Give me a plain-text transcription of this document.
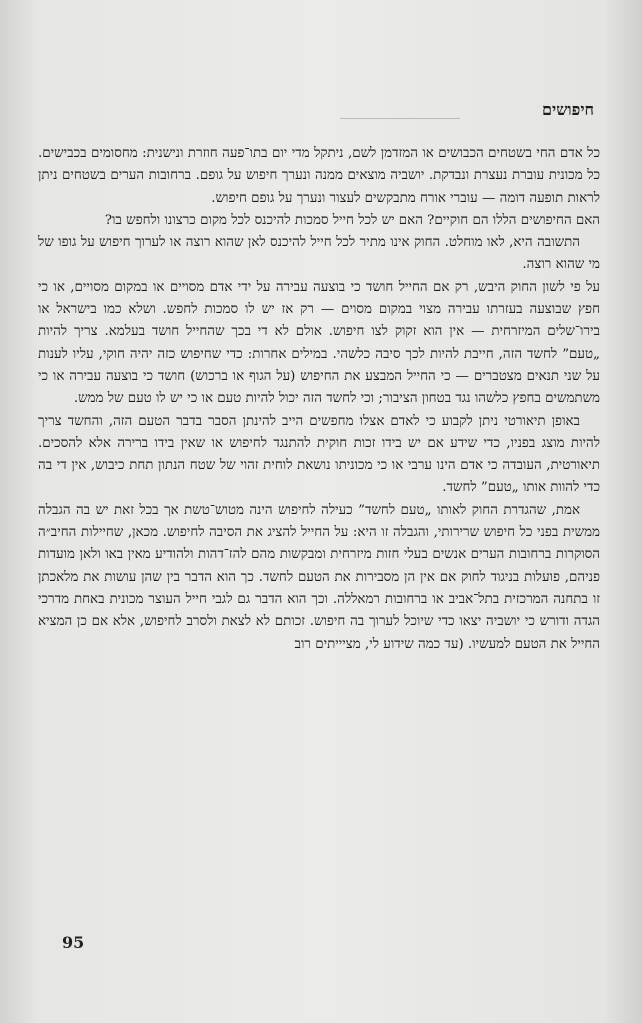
חיפושים

כל אדם החי בשטחים הכבושים או המזדמן לשם, ניתקל מדי יום בתו־פעה חוזרת ונישנית: מחסומים בכבישים. כל מכונית עוברת נעצרת ונבדקת. יושביה מוצאים ממנה ונערך חיפוש על גופם. ברחובות הערים בשטחים ניתן לראות תופעה דומה — עוברי אורח מתבקשים לעצור ונערך על גופם חיפוש.

האם החיפושים הללו הם חוקיים? האם יש לכל חייל סמכות להיכנס לכל מקום כרצונו ולחפש בו?

התשובה היא, לאו מוחלט. החוק אינו מתיר לכל חייל להיכנס לאן שהוא רוצה או לערוך חיפוש על גופו של מי שהוא רוצה.

על פי לשון החוק היבש, רק אם החייל חושד כי בוצעה עבירה על ידי אדם מסויים או במקום מסויים, או כי חפץ שבוצעה בעזרתו עבירה מצוי במקום מסוים — רק אז יש לו סמכות לחפש. ושלא כמו בישראל או בירו־שלים המיזרחית — אין הוא זקוק לצו חיפוש. אולם לא די בכך שהחייל חושד בעלמא. צריך להיות „טעם” לחשד הזה, חייבת להיות לכך סיבה כלשהי. במילים אחרות: כדי שחיפוש כזה יהיה חוקי, עליו לענות על שני תנאים מצטברים — כי החייל המבצע את החיפוש (על הגוף או ברכוש) חושד כי בוצעה עבירה או כי משתמשים בחפץ כלשהו נגד בטחון הציבור; וכי לחשד הזה יכול להיות טעם או כי יש לו טעם של ממש.

באופן תיאורטי ניתן לקבוע כי לאדם אצלו מחפשים הייב להינתן הסבר בדבר הטעם הזה, והחשד צריך להיות מוצג בפניו, כדי שידע אם יש בידו זכות חוקית להתנגד לחיפוש או שאין בידו ברירה אלא להסכים. תיאורטית, העובדה כי אדם הינו ערבי או כי מכוניתו נושאת לוחית זהוי של שטח הנתון תחת כיבוש, אין די בה כדי להוות אותו „טעם” לחשד.

אמת, שהגדרת החוק לאותו „טעם לחשד” כעילה לחיפוש הינה מטוש־טשת אך בכל זאת יש בה הגבלה ממשית בפני כל חיפוש שרירותי, והגבלה זו היא: על החייל להציג את הסיבה לחיפוש. מכאן, שחיילות החיב״ה הסוקרות ברחובות הערים אנשים בעלי חזות מיזרחית ומבקשות מהם להז־דהות ולהודיע מאין באו ולאן מועדות פניהם, פועלות בניגוד לחוק אם אין הן מסבירות את הטעם לחשד. כך הוא הדבר בין שהן עושות את מלאכתן זו בתחנה המרכזית בתל־אביב או ברחובות רמאללה. וכך הוא הדבר גם לגבי חייל העוצר מכונית באחת מדרכי הגדה ודורש כי יושביה יצאו כדי שיוכל לערוך בה חיפוש. זכותם לא לצאת ולסרב לחיפוש, אלא אם כן המציא החייל את הטעם למעשיו. (עד כמה שידוע לי, מציייתים רוב

95
